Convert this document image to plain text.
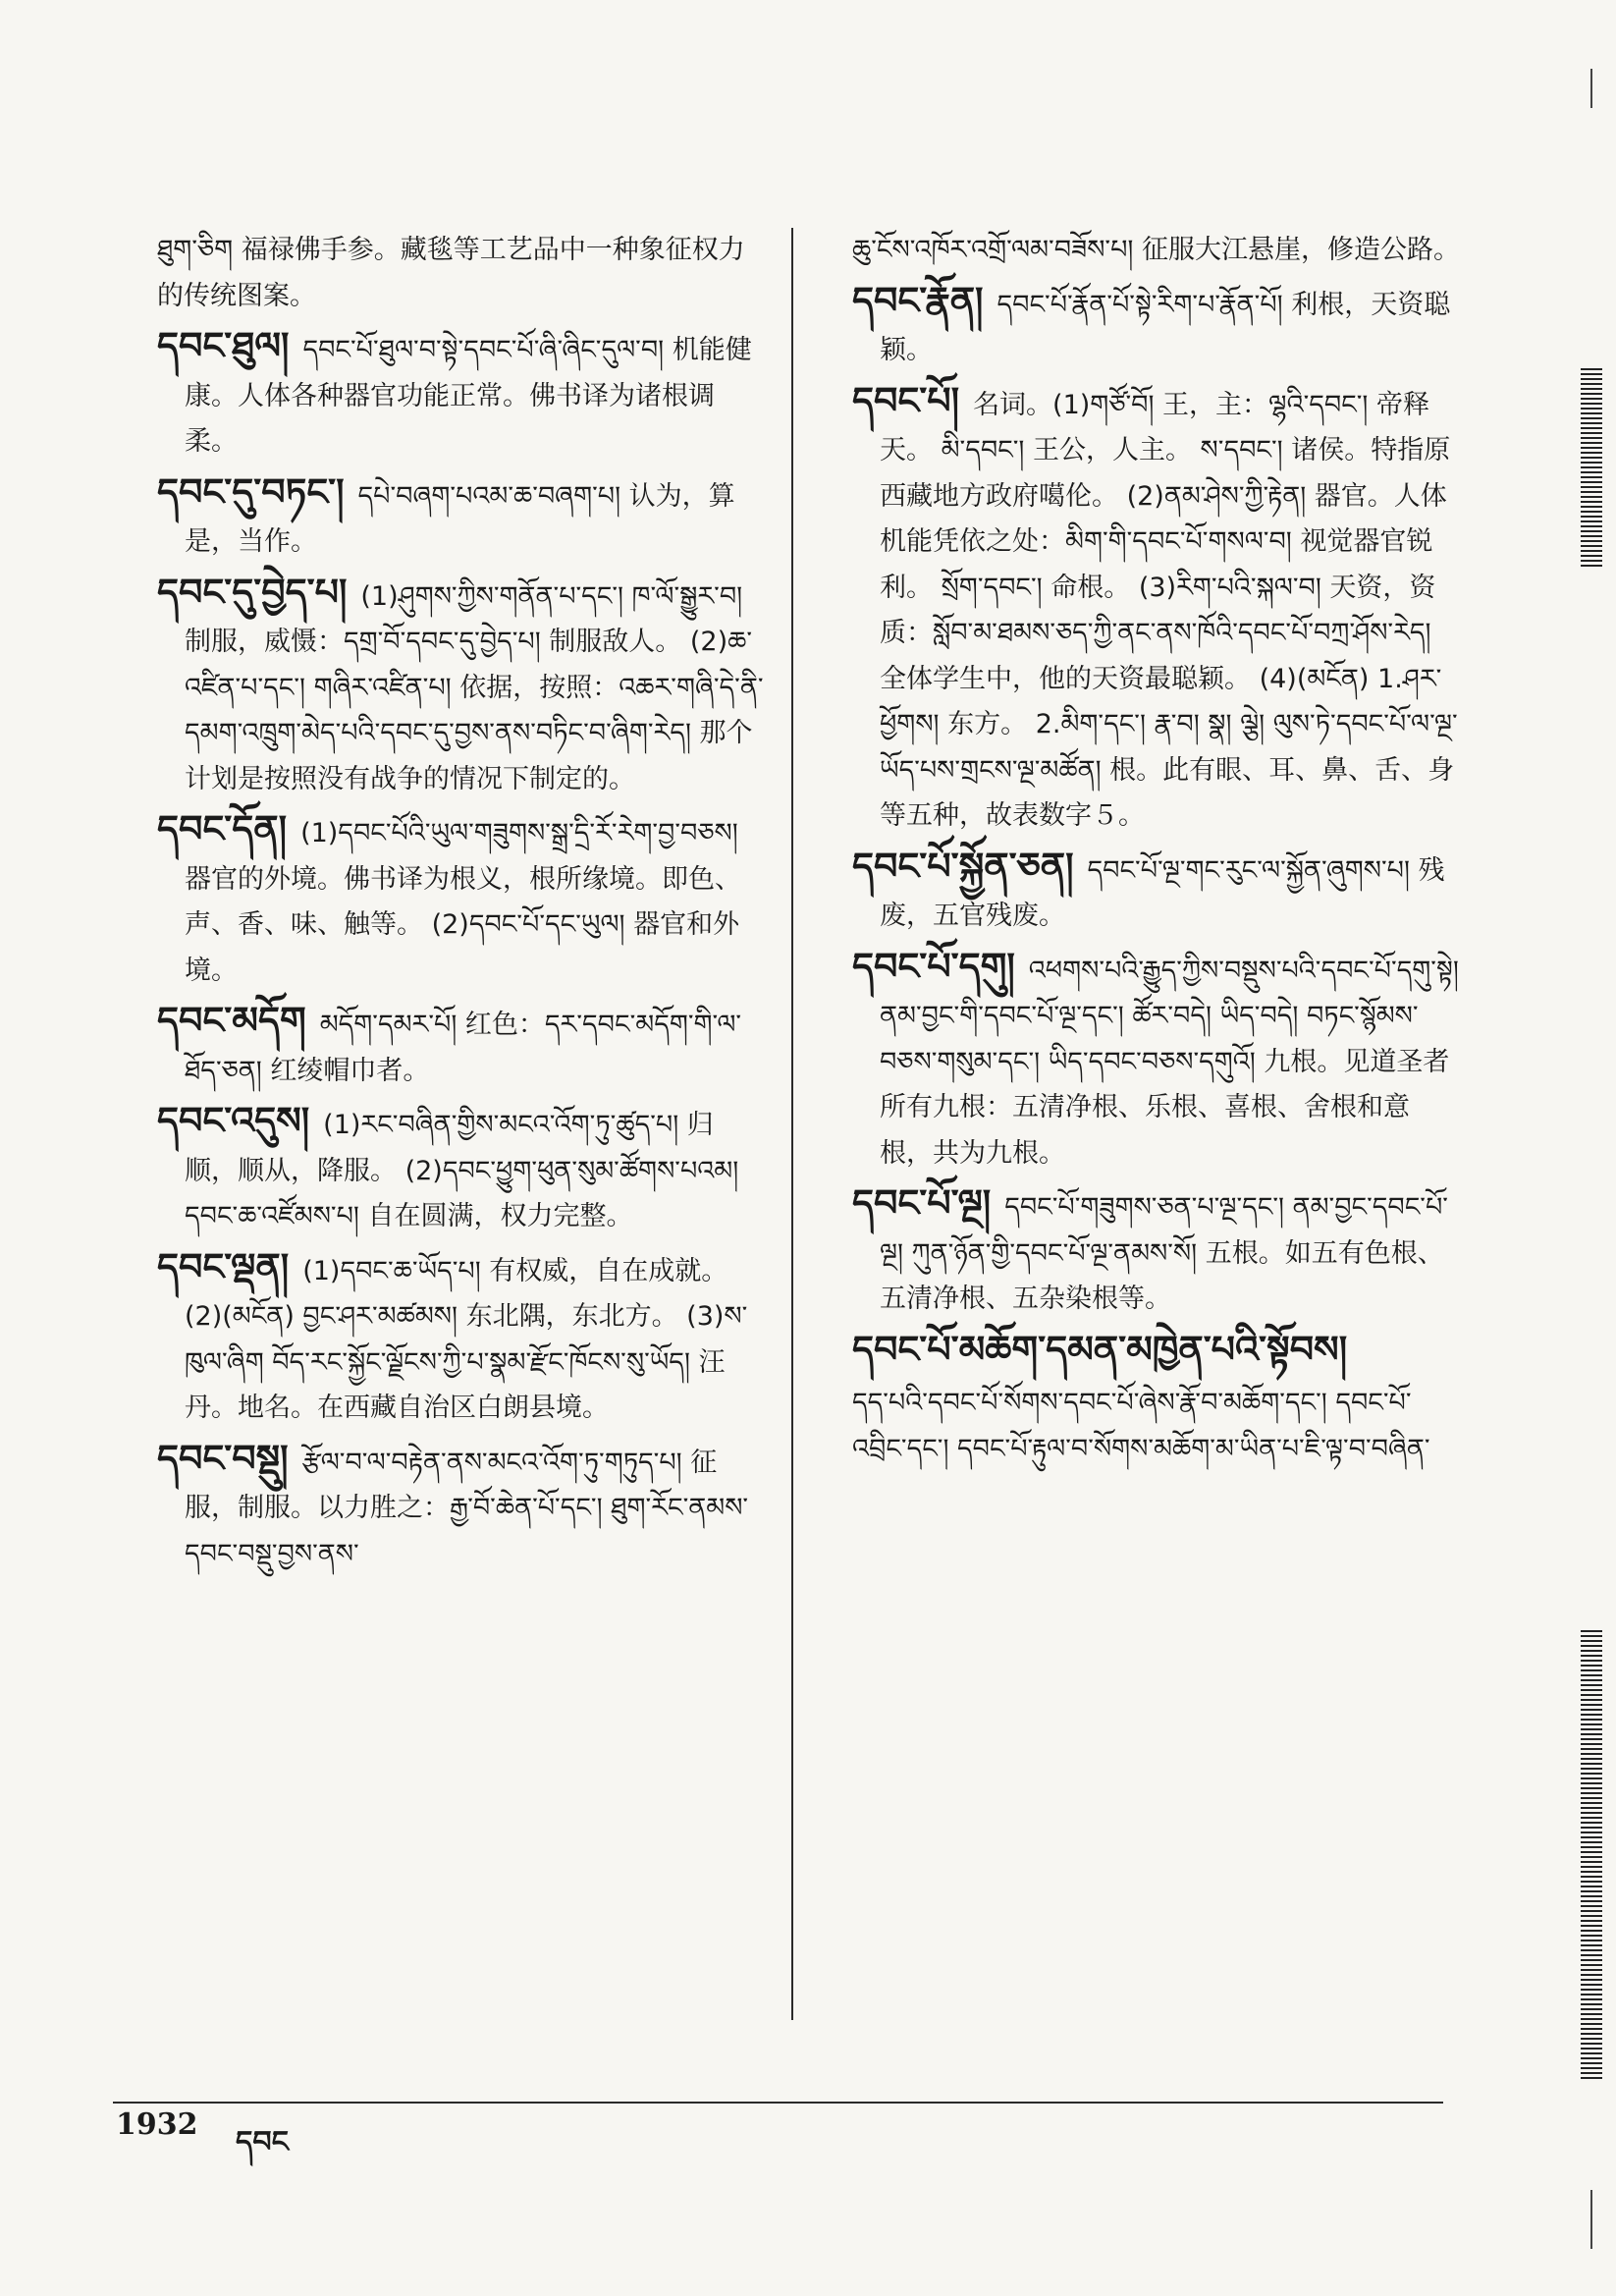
ཐུག་ཅིག 福禄佛手参。藏毯等工艺品中一种象征权力的传统图案。

དབང་ཐུལ། དབང་པོ་ཐུལ་བ་སྟེ་དབང་པོ་ཞི་ཞིང་དུལ་བ། 机能健康。人体各种器官功能正常。佛书译为诸根调柔。

དབང་དུ་བཏང་། དཔེ་བཞག་པའམ་ཆ་བཞག་པ། 认为，算是，当作。

དབང་དུ་བྱེད་པ། (1)ཤུགས་ཀྱིས་གནོན་པ་དང་། ཁ་ལོ་སྒྱུར་བ། 制服，威慑：དགྲ་བོ་དབང་དུ་བྱེད་པ། 制服敌人。 (2)ཆ་འཛིན་པ་དང་། གཞིར་འཛིན་པ། 依据，按照：འཆར་གཞི་དེ་ནི་དམག་འཁྲུག་མེད་པའི་དབང་དུ་བྱས་ནས་བཏིང་བ་ཞིག་རེད། 那个计划是按照没有战争的情况下制定的。

དབང་དོན། (1)དབང་པོའི་ཡུལ་གཟུགས་སྒྲ་དྲི་རོ་རེག་བྱ་བཅས། 器官的外境。佛书译为根义，根所缘境。即色、声、香、味、触等。 (2)དབང་པོ་དང་ཡུལ། 器官和外境。

དབང་མདོག མདོག་དམར་པོ། 红色：དར་དབང་མདོག་གི་ལ་ཐོད་ཅན། 红绫帽巾者。

དབང་འདུས། (1)རང་བཞིན་གྱིས་མངའ་འོག་ཏུ་ཚུད་པ། 归顺，顺从，降服。 (2)དབང་ཕྱུག་ཕུན་སུམ་ཚོགས་པའམ། དབང་ཆ་འཛོམས་པ། 自在圆满，权力完整。

དབང་ལྡན། (1)དབང་ཆ་ཡོད་པ། 有权威，自在成就。 (2)(མངོན) བྱང་ཤར་མཚམས། 东北隅，东北方。 (3)ས་ཁུལ་ཞིག བོད་རང་སྐྱོང་ལྗོངས་ཀྱི་པ་སྣམ་རྫོང་ཁོངས་སུ་ཡོད། 汪丹。地名。在西藏自治区白朗县境。

དབང་བསྡུ། རྩོལ་བ་ལ་བརྟེན་ནས་མངའ་འོག་ཏུ་གཏུད་པ། 征服，制服。以力胜之：རྒྱ་བོ་ཆེན་པོ་དང་། ཐུག་རོང་ནམས་དབང་བསྡུ་བྱས་ནས་

ཆུ་ངོས་འཁོར་འགྲོ་ལམ་བཟོས་པ། 征服大江悬崖，修造公路。

དབང་རྣོན། དབང་པོ་རྣོན་པོ་སྟེ་རིག་པ་རྣོན་པོ། 利根，天资聪颖。

དབང་པོ། 名词。(1)གཙོ་བོ། 王，主：ལྷའི་དབང་། 帝释天。 མི་དབང་། 王公，人主。 ས་དབང་། 诸侯。特指原西藏地方政府噶伦。 (2)ནམ་ཤེས་ཀྱི་རྟེན། 器官。人体机能凭依之处：མིག་གི་དབང་པོ་གསལ་བ། 视觉器官锐利。 སྲོག་དབང་། 命根。 (3)རིག་པའི་སྐལ་བ། 天资，资质：སློབ་མ་ཐམས་ཅད་ཀྱི་ནང་ནས་ཁོའི་དབང་པོ་བཀྲ་ཤོས་རེད། 全体学生中，他的天资最聪颖。 (4)(མངོན) 1.ཤར་ཕྱོགས། 东方。 2.མིག་དང་། རྣ་བ། སྣ། ལྕེ། ལུས་ཏེ་དབང་པོ་ལ་ལྔ་ཡོད་པས་གྲངས་ལྔ་མཚོན། 根。此有眼、耳、鼻、舌、身等五种，故表数字５。

དབང་པོ་སྐྱོན་ཅན། དབང་པོ་ལྔ་གང་རུང་ལ་སྐྱོན་ཞུགས་པ། 残废，五官残废。

དབང་པོ་དགུ། འཕགས་པའི་རྒྱུད་ཀྱིས་བསྡུས་པའི་དབང་པོ་དགུ་སྟེ། ནམ་བྱང་གི་དབང་པོ་ལྔ་དང་། ཚོར་བདེ། ཡིད་བདེ། བཏང་སྙོམས་བཅས་གསུམ་དང་། ཡིད་དབང་བཅས་དགུའོ། 九根。见道圣者所有九根：五清净根、乐根、喜根、舍根和意根，共为九根。

དབང་པོ་ལྔ། དབང་པོ་གཟུགས་ཅན་པ་ལྔ་དང་། ནམ་བྱང་དབང་པོ་ལྔ། ཀུན་ཉོན་གྱི་དབང་པོ་ལྔ་ནམས་སོ། 五根。如五有色根、五清净根、五杂染根等。

དབང་པོ་མཆོག་དམན་མཁྱེན་པའི་སྟོབས།

དད་པའི་དབང་པོ་སོགས་དབང་པོ་ཞེས་རྣོ་བ་མཆོག་དང་། དབང་པོ་འབྲིང་དང་། དབང་པོ་རྟུལ་བ་སོགས་མཆོག་མ་ཡིན་པ་ཇི་ལྟ་བ་བཞིན་

1932
དབང
